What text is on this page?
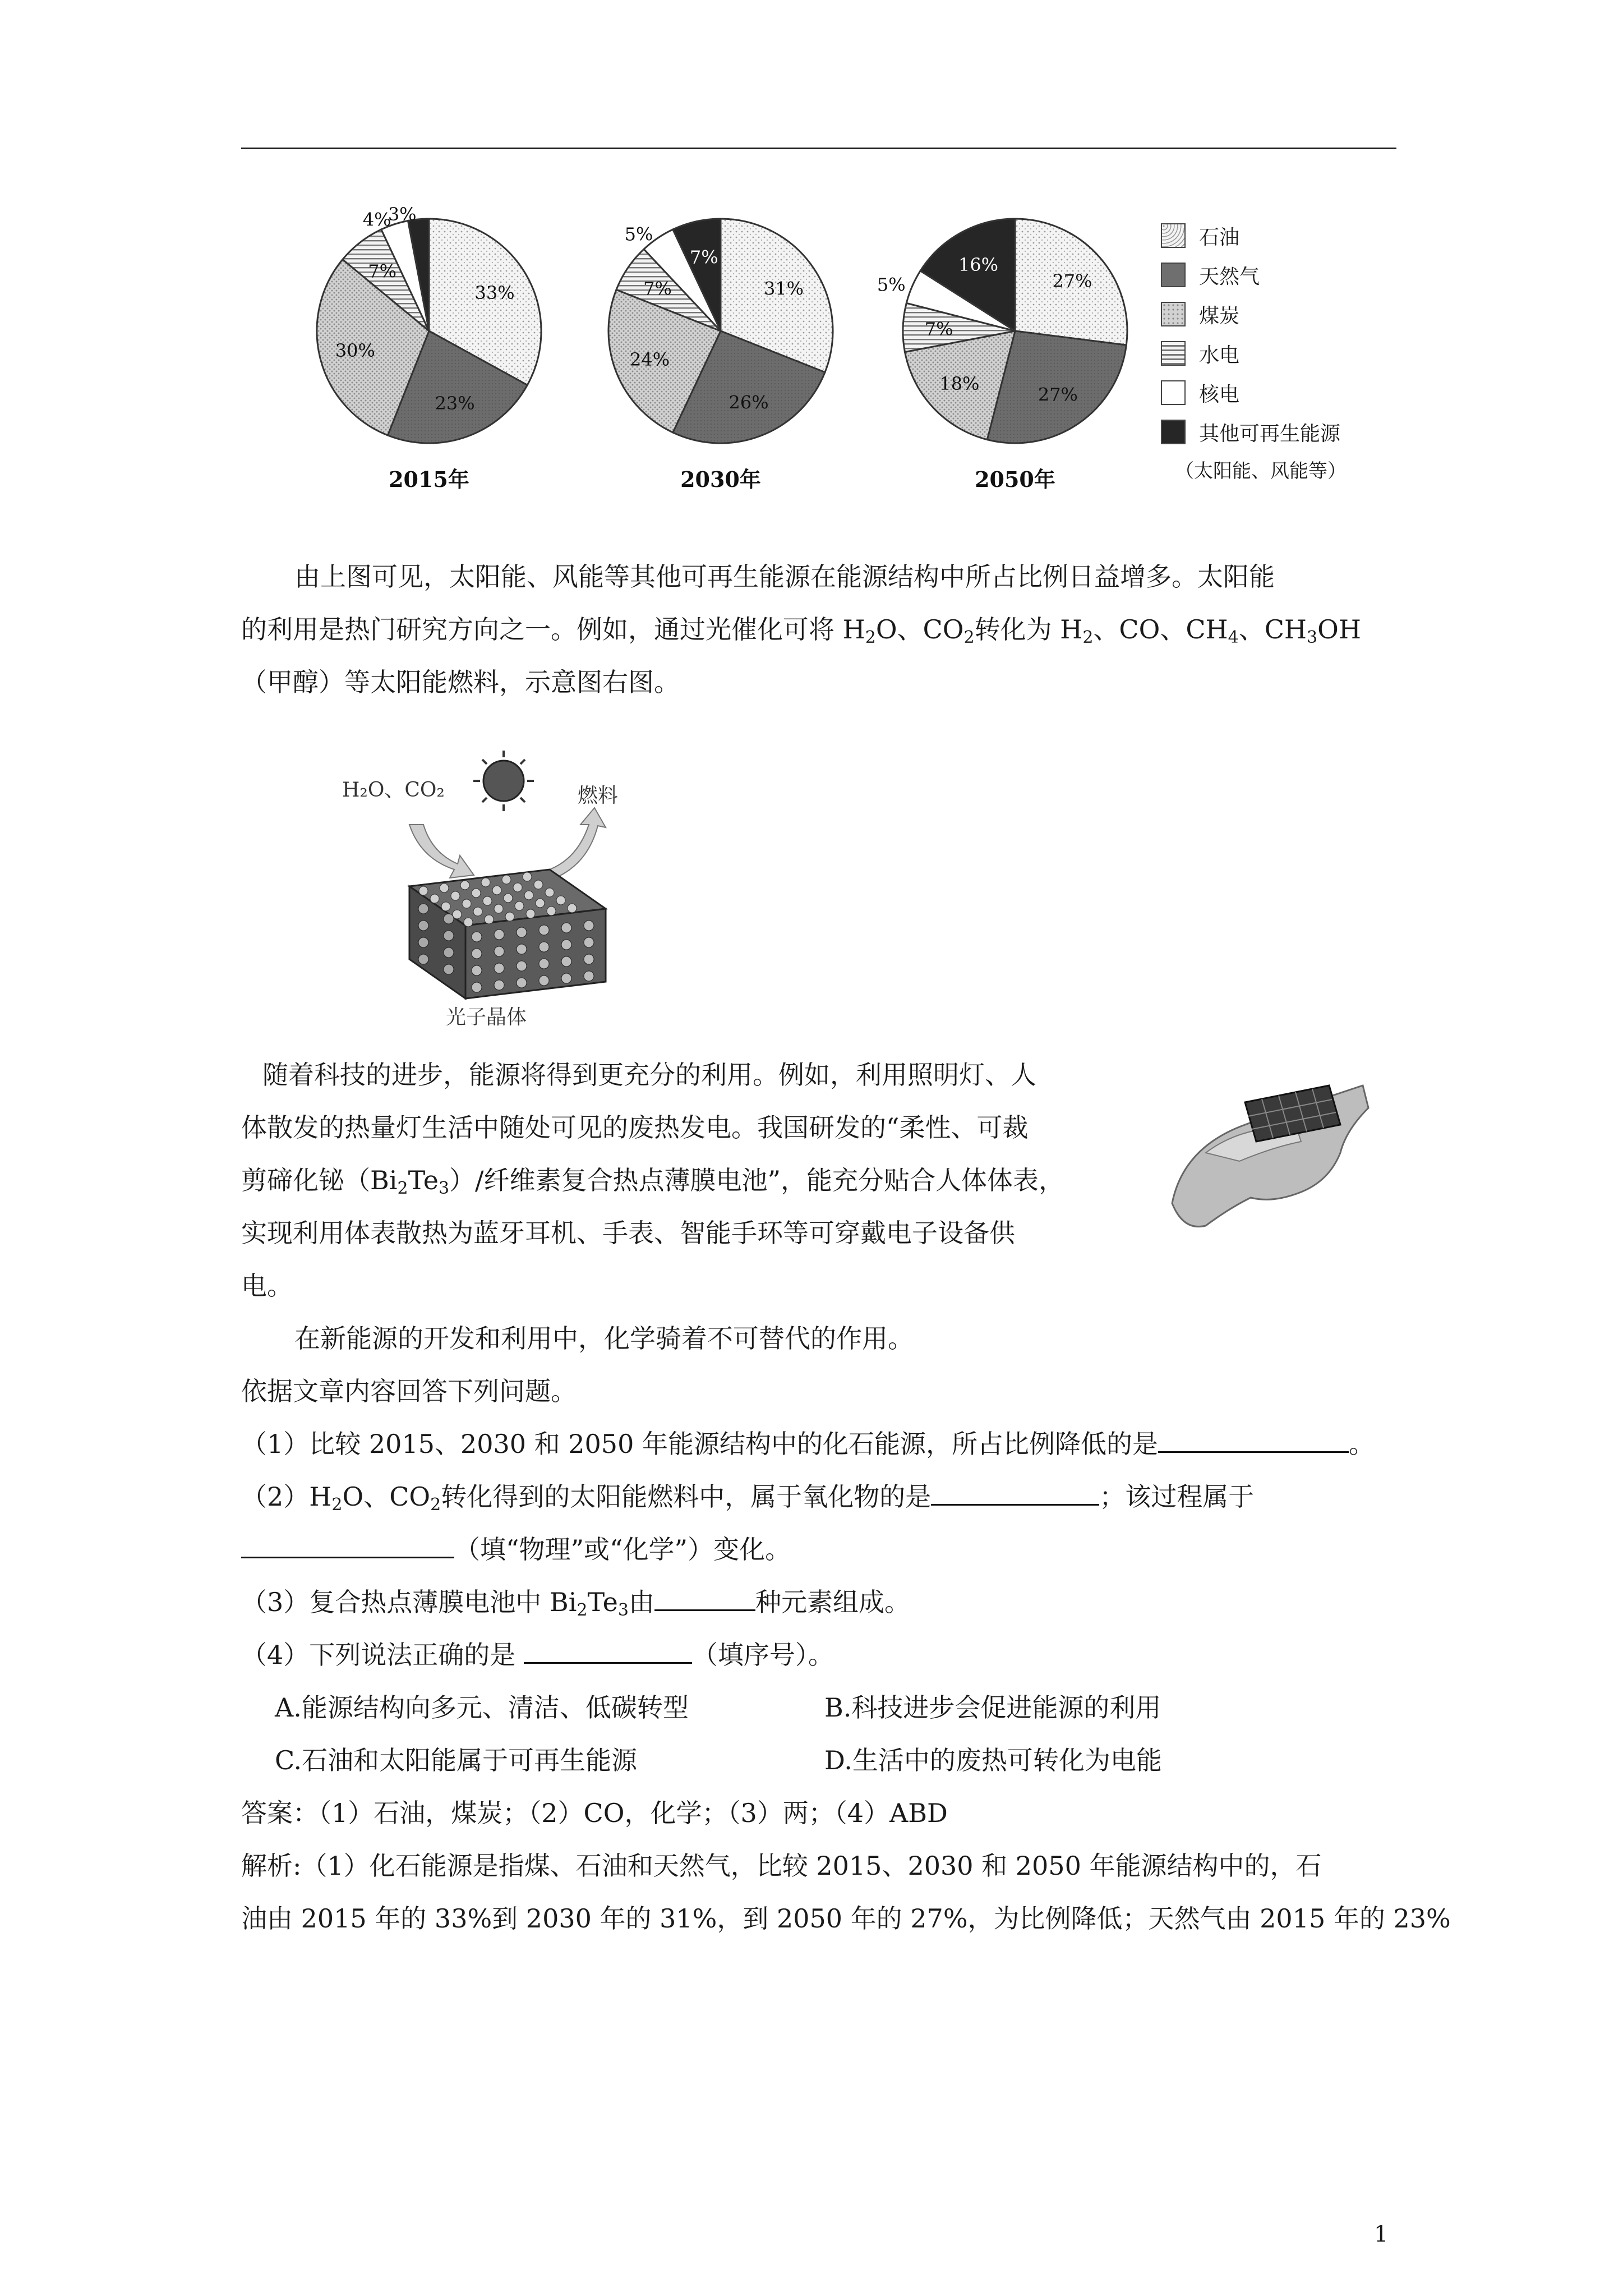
33%
23%
30%
7%
4%
3%
2015年
31%
26%
24%
7%
5%
7%
2030年
27%
27%
18%
7%
5%
16%
2050年
石油
天然气
煤炭
水电
核电
其他可再生能源
（太阳能、风能等）
由上图可见，太阳能、风能等其他可再生能源在能源结构中所占比例日益增多。太阳能
的利用是热门研究方向之一。例如，通过光催化可将 $H_2O$、$CO_2$转化为 $H_2$、CO、$CH_4$、$CH_3OH$
（甲醇）等太阳能燃料，示意图右图。
H₂O、CO₂	燃料
光子晶体
随着科技的进步，能源将得到更充分的利用。例如，利用照明灯、人
体散发的热量灯生活中随处可见的废热发电。我国研发的“柔性、可裁
剪碲化铋$(Bi_2Te_3)/$纤维素复合热点薄膜电池”，能充分贴合人体体表，
实现利用体表散热为蓝牙耳机、手表、智能手环等可穿戴电子设备供
电。
在新能源的开发和利用中，化学骑着不可替代的作用。
依据文章内容回答下列问题。
（1）比较 2015、2030 和 2050 年能源结构中的化石能源，所占比例降低的是	。
$(2)H_2O$、$CO_2$转化得到的太阳能燃料中，属于氧化物的是	；该过程属于
（填“物理”或“化学”）变化。
（3）复合热点薄膜电池中 $Bi_2Te_3$由	种元素组成。
（4）下列说法正确的是	（填序号）。
A.能源结构向多元、清洁、低碳转型	B.科技进步会促进能源的利用
C.石油和太阳能属于可再生能源	D.生活中的废热可转化为电能
答案：（1）石油，煤炭；（2）CO，化学；（3）两；（4）ABD
解析:（1）化石能源是指煤、石油和天然气，比较 2015、2030 和 2050 年能源结构中的，石
油由 2015 年的 33%到 2030 年的 31%，到 2050 年的 27%，为比例降低；天然气由 2015 年的 23%
1
